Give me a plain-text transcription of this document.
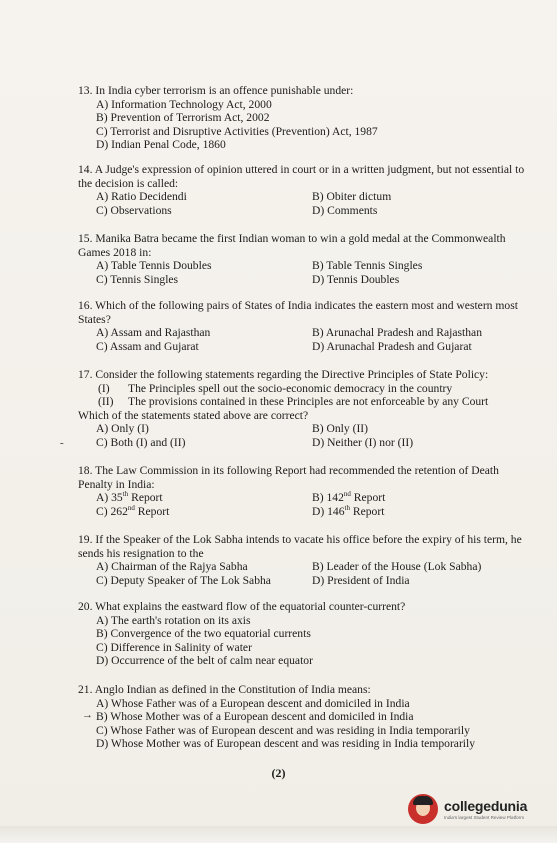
13. In India cyber terrorism is an offence punishable under:

A) Information Technology Act, 2000
B) Prevention of Terrorism Act, 2002
C) Terrorist and Disruptive Activities (Prevention) Act, 1987
D) Indian Penal Code, 1860

14. A Judge's expression of opinion uttered in court or in a written judgment, but not essential to the decision is called:

A) Ratio Decidendi	B) Obiter dictum
C) Observations	D) Comments

15. Manika Batra became the first Indian woman to win a gold medal at the Commonwealth Games 2018 in:

A) Table Tennis Doubles	B) Table Tennis Singles
C) Tennis Singles	D) Tennis Doubles

16. Which of the following pairs of States of India indicates the eastern most and western most States?

A) Assam and Rajasthan	B) Arunachal Pradesh and Rajasthan
C) Assam and Gujarat	D) Arunachal Pradesh and Gujarat

17. Consider the following statements regarding the Directive Principles of State Policy:

(I) The Principles spell out the socio-economic democracy in the country
(II) The provisions contained in these Principles are not enforceable by any Court

Which of the statements stated above are correct?

A) Only (I)	B) Only (II)
C) Both (I) and (II)	D) Neither (I) nor (II)
-

18. The Law Commission in its following Report had recommended the retention of Death Penalty in India:

A) 35th Report	B) 142nd Report
C) 262nd Report	D) 146th Report

19. If the Speaker of the Lok Sabha intends to vacate his office before the expiry of his term, he sends his resignation to the

A) Chairman of the Rajya Sabha	B) Leader of the House (Lok Sabha)
C) Deputy Speaker of The Lok Sabha	D) President of India

20. What explains the eastward flow of the equatorial counter-current?

A) The earth's rotation on its axis
B) Convergence of the two equatorial currents
C) Difference in Salinity of water
D) Occurrence of the belt of calm near equator

21. Anglo Indian as defined in the Constitution of India means:

A) Whose Father was of a European descent and domiciled in India
B) Whose Mother was of a European descent and domiciled in India
C) Whose Father was of European descent and was residing in India temporarily
D) Whose Mother was of European descent and was residing in India temporarily
→
(2)
collegedunia
India's largest Student Review Platform
